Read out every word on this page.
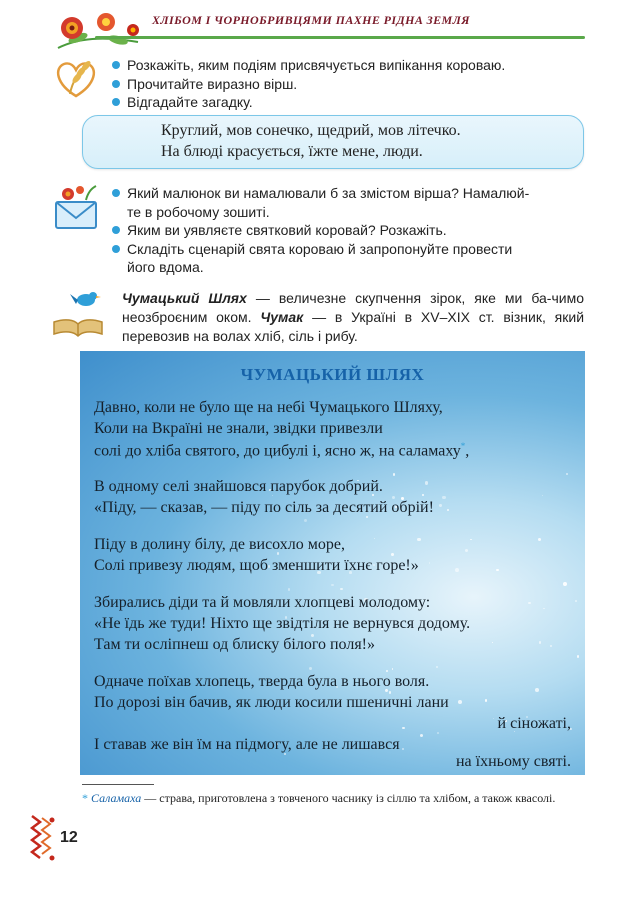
ХЛІБОМ І ЧОРНОБРИВЦЯМИ ПАХНЕ РІДНА ЗЕМЛЯ
Розкажіть, яким подіям присвячується випікання короваю.
Прочитайте виразно вірш.
Відгадайте загадку.
Круглий, мов сонечко, щедрий, мов літечко.
На блюді красується, їжте мене, люди.
Який малюнок ви намалювали б за змістом вірша? Намалюй-
те в робочому зошиті.
Яким ви уявляєте святковий коровай? Розкажіть.
Складіть сценарій свята короваю й запропонуйте провести
його вдома.
Чумацький Шлях — величезне скупчення зірок, яке ми ба-чимо неозброєним оком. Чумак — в Україні в XV–XIX ст. візник, який перевозив на волах хліб, сіль і рибу.
ЧУМАЦЬКИЙ ШЛЯХ
Давно, коли не було ще на небі Чумацького Шляху,
Коли на Вкраїні не знали, звідки привезли
солі до хліба святого, до цибулі і, ясно ж, на саламаху*,
В одному селі знайшовся парубок добрий.
«Піду, — сказав, — піду по сіль за десятий обрій!
Піду в долину білу, де висохло море,
Солі привезу людям, щоб зменшити їхнє горе!»
Збирались діди та й мовляли хлопцеві молодому:
«Не їдь же туди! Ніхто ще звідтіля не вернувся додому.
Там ти осліпнеш од блиску білого поля!»
Одначе поїхав хлопець, тверда була в нього воля.
По дорозі він бачив, як люди косили пшеничні лани
й сіножаті,
І ставав же він їм на підмогу, але не лишався
на їхньому святі.
* Саламаха — страва, приготовлена з товченого часнику із сіллю та хлібом, а також квасолі.
12
